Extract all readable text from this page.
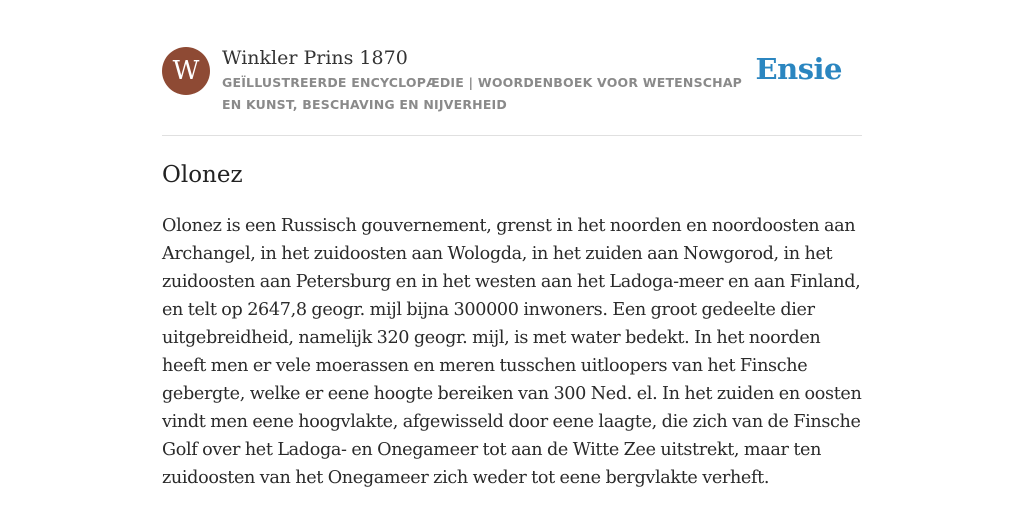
W	Winkler Prins 1870
GEÏLLUSTREERDE ENCYCLOPÆDIE | WOORDENBOEK VOOR WETENSCHAP EN KUNST, BESCHAVING EN NIJVERHEID
Ensie
Olonez

Olonez is een Russisch gouvernement, grenst in het noorden en noordoosten aan Archangel, in het zuidoosten aan Wologda, in het zuiden aan Nowgorod, in het zuidoosten aan Petersburg en in het westen aan het Ladoga-meer en aan Finland, en telt op 2647,8 geogr. mijl bijna 300000 inwoners. Een groot gedeelte dier uitgebreidheid, namelijk 320 geogr. mijl, is met water bedekt. In het noorden heeft men er vele moerassen en meren tusschen uitloopers van het Finsche gebergte, welke er eene hoogte bereiken van 300 Ned. el. In het zuiden en oosten vindt men eene hoogvlakte, afgewisseld door eene laagte, die zich van de Finsche Golf over het Ladoga- en Onegameer tot aan de Witte Zee uitstrekt, maar ten zuidoosten van het Onegameer zich weder tot eene bergvlakte verheft.
